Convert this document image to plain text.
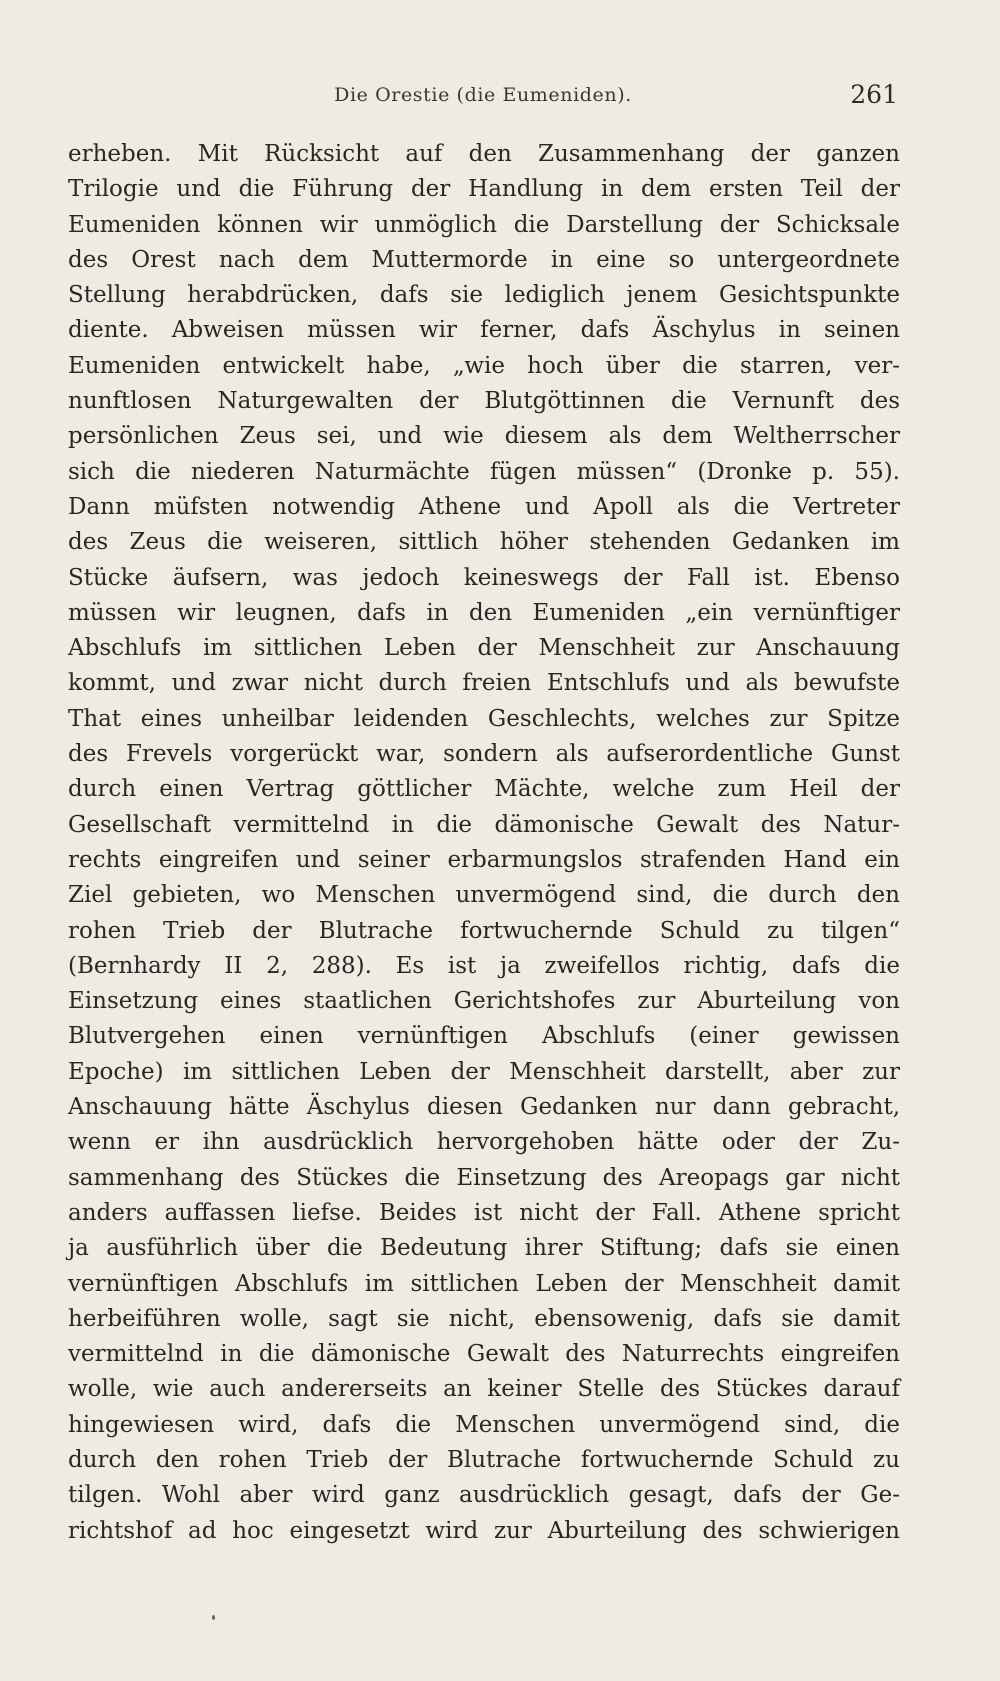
Die Orestie (die Eumeniden).	261
erheben. Mit Rücksicht auf den Zusammenhang der ganzen
Trilogie und die Führung der Handlung in dem ersten Teil der
Eumeniden können wir unmöglich die Darstellung der Schicksale
des Orest nach dem Muttermorde in eine so untergeordnete
Stellung herabdrücken, dafs sie lediglich jenem Gesichtspunkte
diente. Abweisen müssen wir ferner, dafs Äschylus in seinen
Eumeniden entwickelt habe, „wie hoch über die starren, ver-
nunftlosen Naturgewalten der Blutgöttinnen die Vernunft des
persönlichen Zeus sei, und wie diesem als dem Weltherrscher
sich die niederen Naturmächte fügen müssen“ (Dronke p. 55).
Dann müfsten notwendig Athene und Apoll als die Vertreter
des Zeus die weiseren, sittlich höher stehenden Gedanken im
Stücke äufsern, was jedoch keineswegs der Fall ist. Ebenso
müssen wir leugnen, dafs in den Eumeniden „ein vernünftiger
Abschlufs im sittlichen Leben der Menschheit zur Anschauung
kommt, und zwar nicht durch freien Entschlufs und als bewufste
That eines unheilbar leidenden Geschlechts, welches zur Spitze
des Frevels vorgerückt war, sondern als aufserordentliche Gunst
durch einen Vertrag göttlicher Mächte, welche zum Heil der
Gesellschaft vermittelnd in die dämonische Gewalt des Natur-
rechts eingreifen und seiner erbarmungslos strafenden Hand ein
Ziel gebieten, wo Menschen unvermögend sind, die durch den
rohen Trieb der Blutrache fortwuchernde Schuld zu tilgen“
(Bernhardy II 2, 288). Es ist ja zweifellos richtig, dafs die
Einsetzung eines staatlichen Gerichtshofes zur Aburteilung von
Blutvergehen einen vernünftigen Abschlufs (einer gewissen
Epoche) im sittlichen Leben der Menschheit darstellt, aber zur
Anschauung hätte Äschylus diesen Gedanken nur dann gebracht,
wenn er ihn ausdrücklich hervorgehoben hätte oder der Zu-
sammenhang des Stückes die Einsetzung des Areopags gar nicht
anders auffassen liefse. Beides ist nicht der Fall. Athene spricht
ja ausführlich über die Bedeutung ihrer Stiftung; dafs sie einen
vernünftigen Abschlufs im sittlichen Leben der Menschheit damit
herbeiführen wolle, sagt sie nicht, ebensowenig, dafs sie damit
vermittelnd in die dämonische Gewalt des Naturrechts eingreifen
wolle, wie auch andererseits an keiner Stelle des Stückes darauf
hingewiesen wird, dafs die Menschen unvermögend sind, die
durch den rohen Trieb der Blutrache fortwuchernde Schuld zu
tilgen. Wohl aber wird ganz ausdrücklich gesagt, dafs der Ge-
richtshof ad hoc eingesetzt wird zur Aburteilung des schwierigen
